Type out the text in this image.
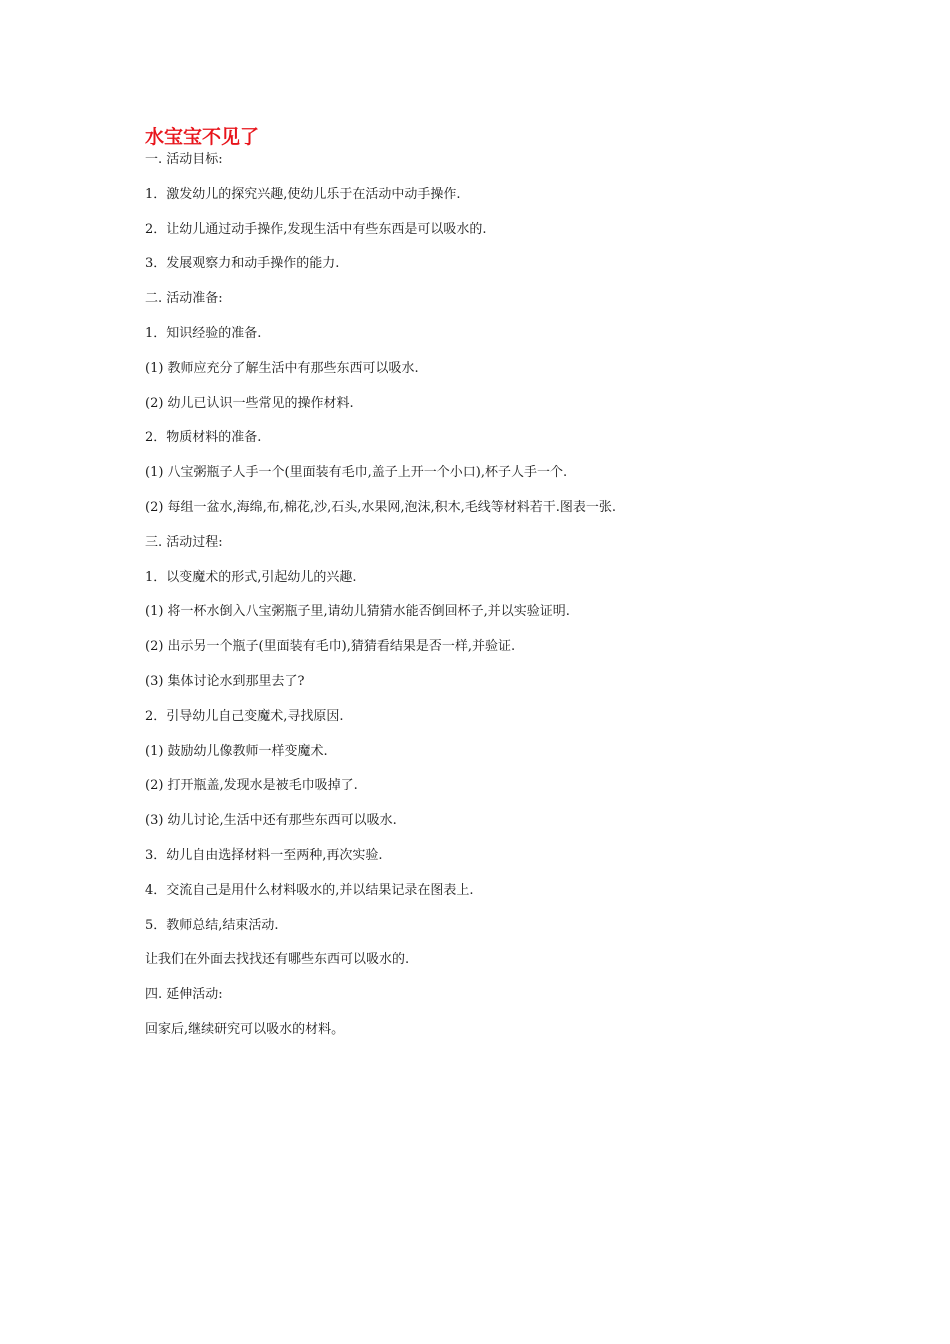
水宝宝不见了
一. 活动目标:
1．激发幼儿的探究兴趣,使幼儿乐于在活动中动手操作.
2．让幼儿通过动手操作,发现生活中有些东西是可以吸水的.
3．发展观察力和动手操作的能力.
二. 活动准备:
1．知识经验的准备.
(1) 教师应充分了解生活中有那些东西可以吸水.
(2) 幼儿已认识一些常见的操作材料.
2．物质材料的准备.
(1) 八宝粥瓶子人手一个(里面装有毛巾,盖子上开一个小口),杯子人手一个.
(2) 每组一盆水,海绵,布,棉花,沙,石头,水果网,泡沫,积木,毛线等材料若干.图表一张.
三. 活动过程:
1．以变魔术的形式,引起幼儿的兴趣.
(1) 将一杯水倒入八宝粥瓶子里,请幼儿猜猜水能否倒回杯子,并以实验证明.
(2) 出示另一个瓶子(里面装有毛巾),猜猜看结果是否一样,并验证.
(3) 集体讨论水到那里去了?
2．引导幼儿自己变魔术,寻找原因.
(1) 鼓励幼儿像教师一样变魔术.
(2) 打开瓶盖,发现水是被毛巾吸掉了.
(3) 幼儿讨论,生活中还有那些东西可以吸水.
3．幼儿自由选择材料一至两种,再次实验.
4．交流自己是用什么材料吸水的,并以结果记录在图表上.
5．教师总结,结束活动.
让我们在外面去找找还有哪些东西可以吸水的.
四. 延伸活动:
回家后,继续研究可以吸水的材料。
